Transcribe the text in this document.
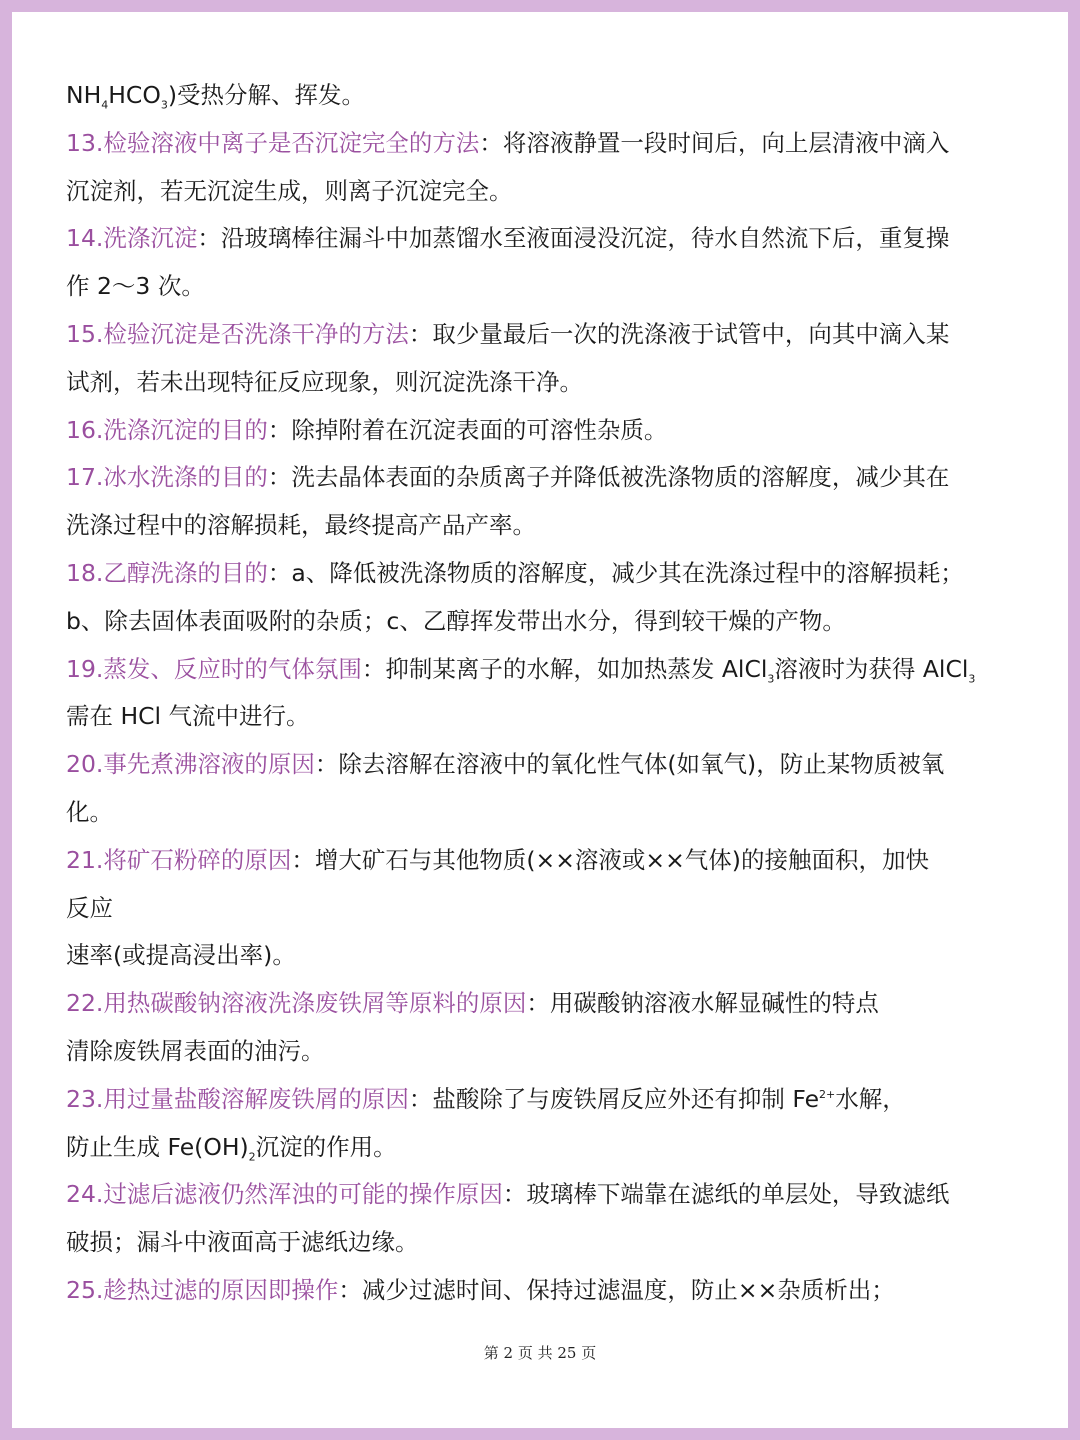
$NH_4HCO_3$)受热分解、挥发。
13.检验溶液中离子是否沉淀完全的方法：将溶液静置一段时间后，向上层清液中滴入
沉淀剂，若无沉淀生成，则离子沉淀完全。
14.洗涤沉淀：沿玻璃棒往漏斗中加蒸馏水至液面浸没沉淀，待水自然流下后，重复操
作 2～3 次。
15.检验沉淀是否洗涤干净的方法：取少量最后一次的洗涤液于试管中，向其中滴入某
试剂，若未出现特征反应现象，则沉淀洗涤干净。
16.洗涤沉淀的目的：除掉附着在沉淀表面的可溶性杂质。
17.冰水洗涤的目的：洗去晶体表面的杂质离子并降低被洗涤物质的溶解度，减少其在
洗涤过程中的溶解损耗，最终提高产品产率。
18.乙醇洗涤的目的：a、降低被洗涤物质的溶解度，减少其在洗涤过程中的溶解损耗；
b、除去固体表面吸附的杂质；c、乙醇挥发带出水分，得到较干燥的产物。
19.蒸发、反应时的气体氛围：抑制某离子的水解，如加热蒸发 AlCl$_3$溶液时为获得 AlCl$_3$
需在 HCl 气流中进行。
20.事先煮沸溶液的原因：除去溶解在溶液中的氧化性气体(如氧气)，防止某物质被氧
化。
21.将矿石粉碎的原因：增大矿石与其他物质(××溶液或××气体)的接触面积，加快
反应
速率(或提高浸出率)。
22.用热碳酸钠溶液洗涤废铁屑等原料的原因：用碳酸钠溶液水解显碱性的特点
清除废铁屑表面的油污。
23.用过量盐酸溶解废铁屑的原因：盐酸除了与废铁屑反应外还有抑制 $Fe^{2+}$水解，
防止生成 $Fe(OH)_2$沉淀的作用。
24.过滤后滤液仍然浑浊的可能的操作原因：玻璃棒下端靠在滤纸的单层处，导致滤纸
破损；漏斗中液面高于滤纸边缘。
25.趁热过滤的原因即操作：减少过滤时间、保持过滤温度，防止××杂质析出；
第 2 页 共 25 页
